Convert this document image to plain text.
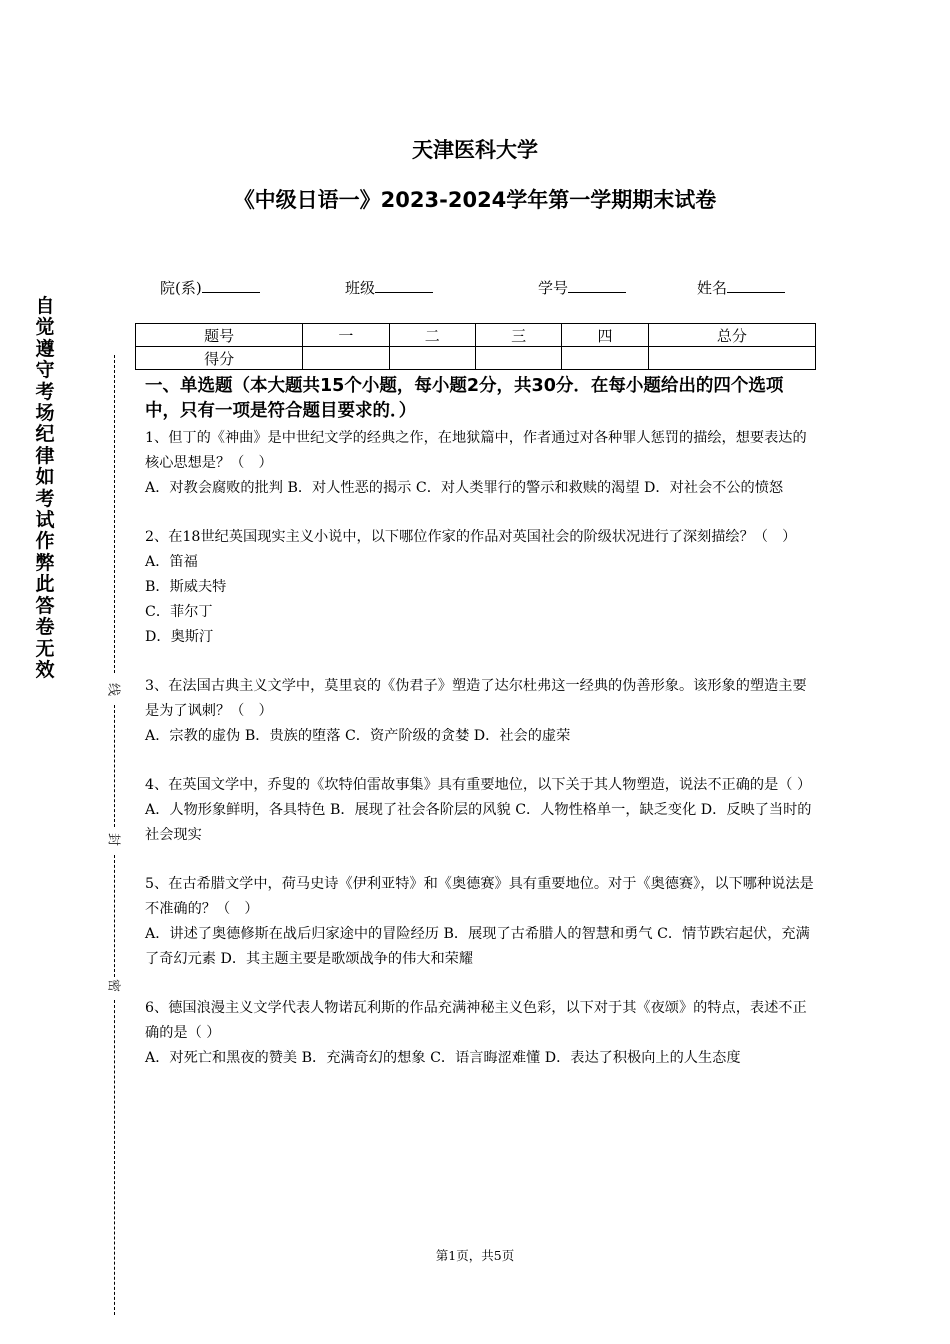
天津医科大学
《中级日语一》2023-2024学年第一学期期末试卷
院(系)	班级	学号	姓名
题号	一	二	三	四	总分
得分					
自觉遵守考场纪律如考试作弊此答卷无效
线
封
密
一、单选题（本大题共15个小题，每小题2分，共30分．在每小题给出的四个选项中，只有一项是符合题目要求的．）

1、但丁的《神曲》是中世纪文学的经典之作，在地狱篇中，作者通过对各种罪人惩罚的描绘，想要表达的核心思想是？（　）

A．对教会腐败的批判 B．对人性恶的揭示 C．对人类罪行的警示和救赎的渴望 D．对社会不公的愤怒

2、在18世纪英国现实主义小说中，以下哪位作家的作品对英国社会的阶级状况进行了深刻描绘？（　）

A．笛福

B．斯威夫特

C．菲尔丁

D．奥斯汀

3、在法国古典主义文学中，莫里哀的《伪君子》塑造了达尔杜弗这一经典的伪善形象。该形象的塑造主要是为了讽刺？（　）

A．宗教的虚伪 B．贵族的堕落 C．资产阶级的贪婪 D．社会的虚荣

4、在英国文学中，乔叟的《坎特伯雷故事集》具有重要地位，以下关于其人物塑造，说法不正确的是（ ）

A．人物形象鲜明，各具特色 B．展现了社会各阶层的风貌 C．人物性格单一，缺乏变化 D．反映了当时的社会现实

5、在古希腊文学中，荷马史诗《伊利亚特》和《奥德赛》具有重要地位。对于《奥德赛》，以下哪种说法是不准确的？（　）

A．讲述了奥德修斯在战后归家途中的冒险经历 B．展现了古希腊人的智慧和勇气 C．情节跌宕起伏，充满了奇幻元素 D．其主题主要是歌颂战争的伟大和荣耀

6、德国浪漫主义文学代表人物诺瓦利斯的作品充满神秘主义色彩，以下对于其《夜颂》的特点，表述不正确的是（ ）

A．对死亡和黑夜的赞美 B．充满奇幻的想象 C．语言晦涩难懂 D．表达了积极向上的人生态度

第1页，共5页
